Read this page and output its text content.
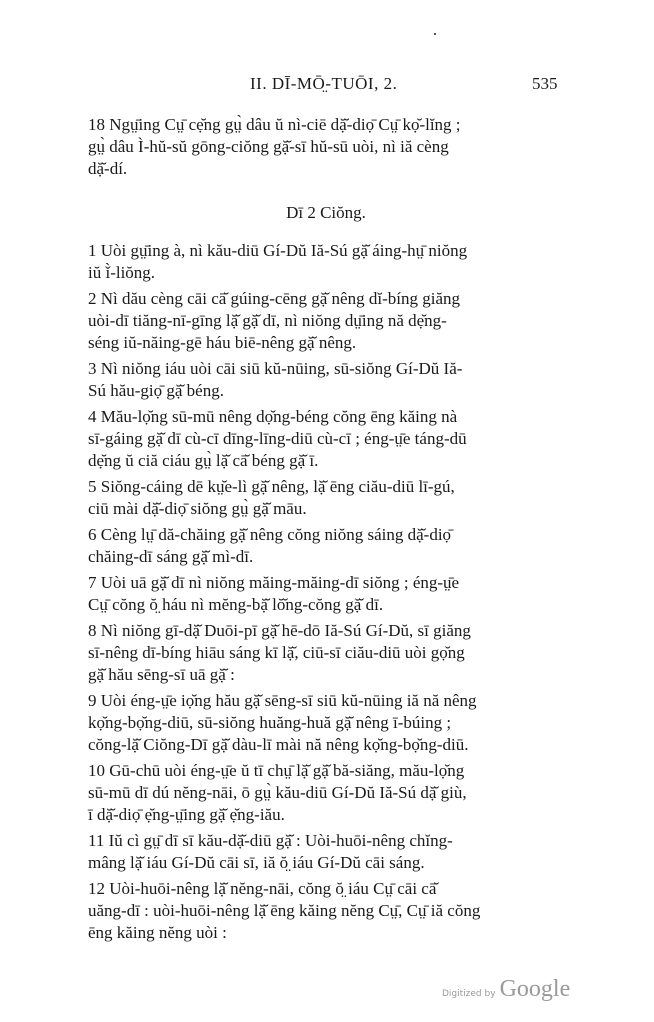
II. DĪ-MŌ̤-TUŌI, 2.	535
18 Ngṳ̄ing Cṳ̄ cẹ̆ng gṳ̀ dâu ŭ nì-ciē dặ̆-diọ̄ Cṳ̄ kọ̆-lĭng ;
gṳ̀ dâu Ì-hŭ-sŭ gōng-ciŏng gặ̆-sī hŭ-sū uòi, nì iă cèng
dặ̆-dí.
Dī 2 Ciŏng.
1 Uòi gṳ̄ing à, nì kău-diū Gí-Dŭ Iă-Sú gặ̆ áing-hṳ̄ niŏng
iŭ ǐ̀-liŏng.
2 Nì dău cèng cāi cā̆ gúing-cēng gặ̆ nêng dĭ-bíng giăng
uòi-dī tiăng-nī-gīng lặ̆ gặ̆ dī, nì niŏng dṳ̄ing nă dẹ̆ng-
séng iŭ-năing-gē háu biē-nêng gặ̆ nêng.
3 Nì niŏng iáu uòi cāi siū kŭ-nūing, sū-siŏng Gí-Dŭ Iă-
Sú hău-giọ̄ gặ̆ béng.
4 Mău-lọ̆ng sū-mū nêng dọ̆ng-béng cŏng ēng kăing nà
sī-gáing gặ̆ dī cù-cī dīng-līng-diū cù-cī ; éng-ṳ̄e táng-dū
dẹ̆ng ŭ ciă ciáu gṳ̀ lặ̆ cā̆ béng gặ̆ ī.
5 Siŏng-cáing dē kṳ̆e-lì gặ̆ nêng, lặ̆ ēng ciău-diū lī-gú,
ciū mài dặ̆-diọ̄ siŏng gṳ̀ gặ̆ māu.
6 Cèng lṳ̄ dă-chăing gặ̆ nêng cŏng niŏng sáing dặ̆-diọ̄
chăing-dī sáng gặ̆ mì-dī.
7 Uòi uā gặ̆ dī nì niŏng măing-măing-dī siŏng ; éng-ṳ̄e
Cṳ̄ cŏng ŏ̤ háu nì mĕng-bặ̆ lŏ̆ng-cŏng gặ̆ dī.
8 Nì niŏng gī-dặ̆ Duōi-pī gặ̆ hē-dō Iă-Sú Gí-Dŭ, sī giăng
sī-nêng dī-bíng hiāu sáng kī lặ̆, ciū-sī ciău-diū uòi gọ̆ng
gặ̆ hău sēng-sī uā gặ̆ :
9 Uòi éng-ṳ̄e iọ̆ng hău gặ̆ sēng-sī siū kŭ-nūing iă nă nêng
kọ̆ng-bọ̆ng-diū, sū-siŏng huăng-huă gặ̆ nêng ī-búing ;
cŏng-lặ̆ Ciŏng-Dī gặ̆ dàu-lī mài nă nêng kọ̆ng-bọ̆ng-diū.
10 Gū-chū uòi éng-ṳ̄e ŭ tī chṳ̄ lặ̆ gặ̆ bă-siăng, mău-lọ̆ng
sū-mū dī dú nĕng-nāi, ō gṳ̀ kău-diū Gí-Dŭ Iă-Sú dặ̆ giù,
ī dặ̆-diọ̄ ẹ̆ng-ṳ̄ing gặ̆ ẹ̆ng-iău.
11 Iŭ cì gṳ̄ dī sī kău-dặ̆-diū gặ̆ : Uòi-huōi-nêng chĭng-
mâng lặ̆ iáu Gí-Dŭ cāi sī, iă ŏ̤ iáu Gí-Dŭ cāi sáng.
12 Uòi-huōi-nêng lặ̆ nĕng-nāi, cŏng ŏ̤ iáu Cṳ̄ cāi cā̆
uăng-dī : uòi-huōi-nêng lặ̆ ēng kăing nĕng Cṳ̄, Cṳ̄ iă cŏng
ēng kăing nĕng uòi :
Digitized by Google
